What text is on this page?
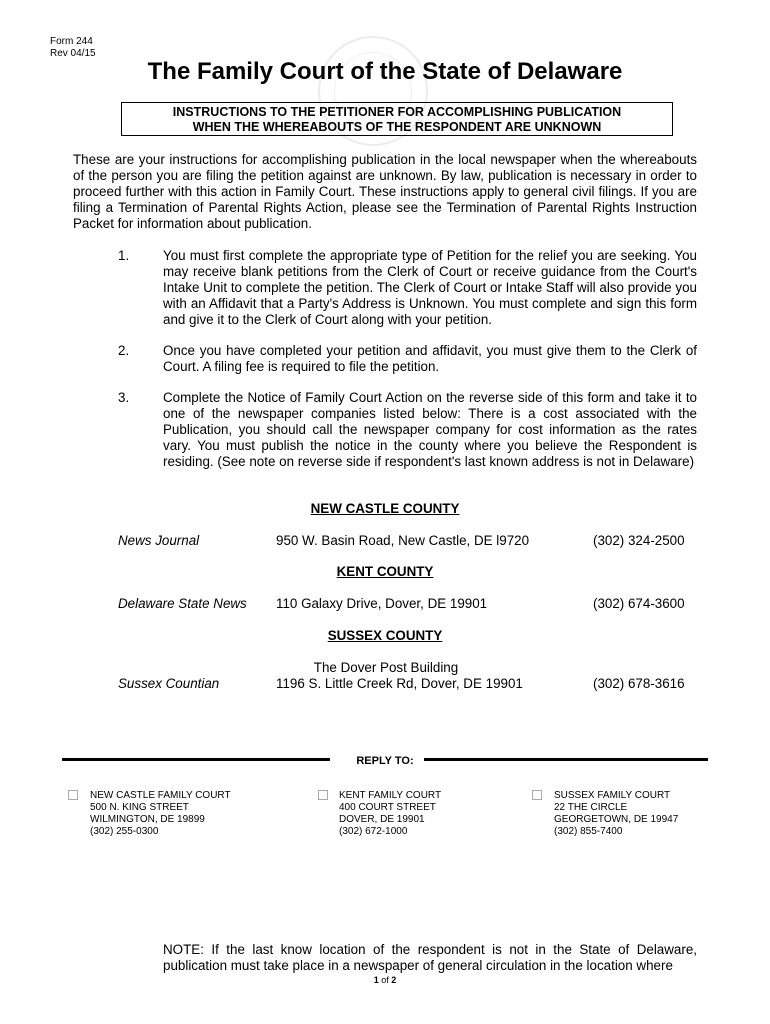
Form 244
Rev 04/15
The Family Court of the State of Delaware
INSTRUCTIONS TO THE PETITIONER FOR ACCOMPLISHING PUBLICATION
WHEN THE WHEREABOUTS OF THE RESPONDENT ARE UNKNOWN
These are your instructions for accomplishing publication in the local newspaper when the whereabouts of the person you are filing the petition against are unknown. By law, publication is necessary in order to proceed further with this action in Family Court. These instructions apply to general civil filings. If you are filing a Termination of Parental Rights Action, please see the Termination of Parental Rights Instruction Packet for information about publication.
1.	You must first complete the appropriate type of Petition for the relief you are seeking. You may receive blank petitions from the Clerk of Court or receive guidance from the Court's Intake Unit to complete the petition. The Clerk of Court or Intake Staff will also provide you with an Affidavit that a Party's Address is Unknown. You must complete and sign this form and give it to the Clerk of Court along with your petition.
2.	Once you have completed your petition and affidavit, you must give them to the Clerk of Court. A filing fee is required to file the petition.
3.	Complete the Notice of Family Court Action on the reverse side of this form and take it to one of the newspaper companies listed below: There is a cost associated with the Publication, you should call the newspaper company for cost information as the rates vary. You must publish the notice in the county where you believe the Respondent is residing. (See note on reverse side if respondent's last known address is not in Delaware)
NEW CASTLE COUNTY
News Journal	950 W. Basin Road, New Castle, DE l9720	(302) 324-2500
KENT COUNTY
Delaware State News 110 Galaxy Drive, Dover, DE 19901	(302) 674-3600
SUSSEX COUNTY
The Dover Post Building
Sussex Countian	1196 S. Little Creek Rd, Dover, DE 19901	(302) 678-3616
REPLY TO:
NEW CASTLE FAMILY COURT
500 N. KING STREET
WILMINGTON, DE 19899
(302) 255-0300
KENT FAMILY COURT
400 COURT STREET
DOVER, DE 19901
(302) 672-1000
SUSSEX FAMILY COURT
22 THE CIRCLE
GEORGETOWN, DE 19947
(302) 855-7400
NOTE: If the last know location of the respondent is not in the State of Delaware, publication must take place in a newspaper of general circulation in the location where
1 of 2
